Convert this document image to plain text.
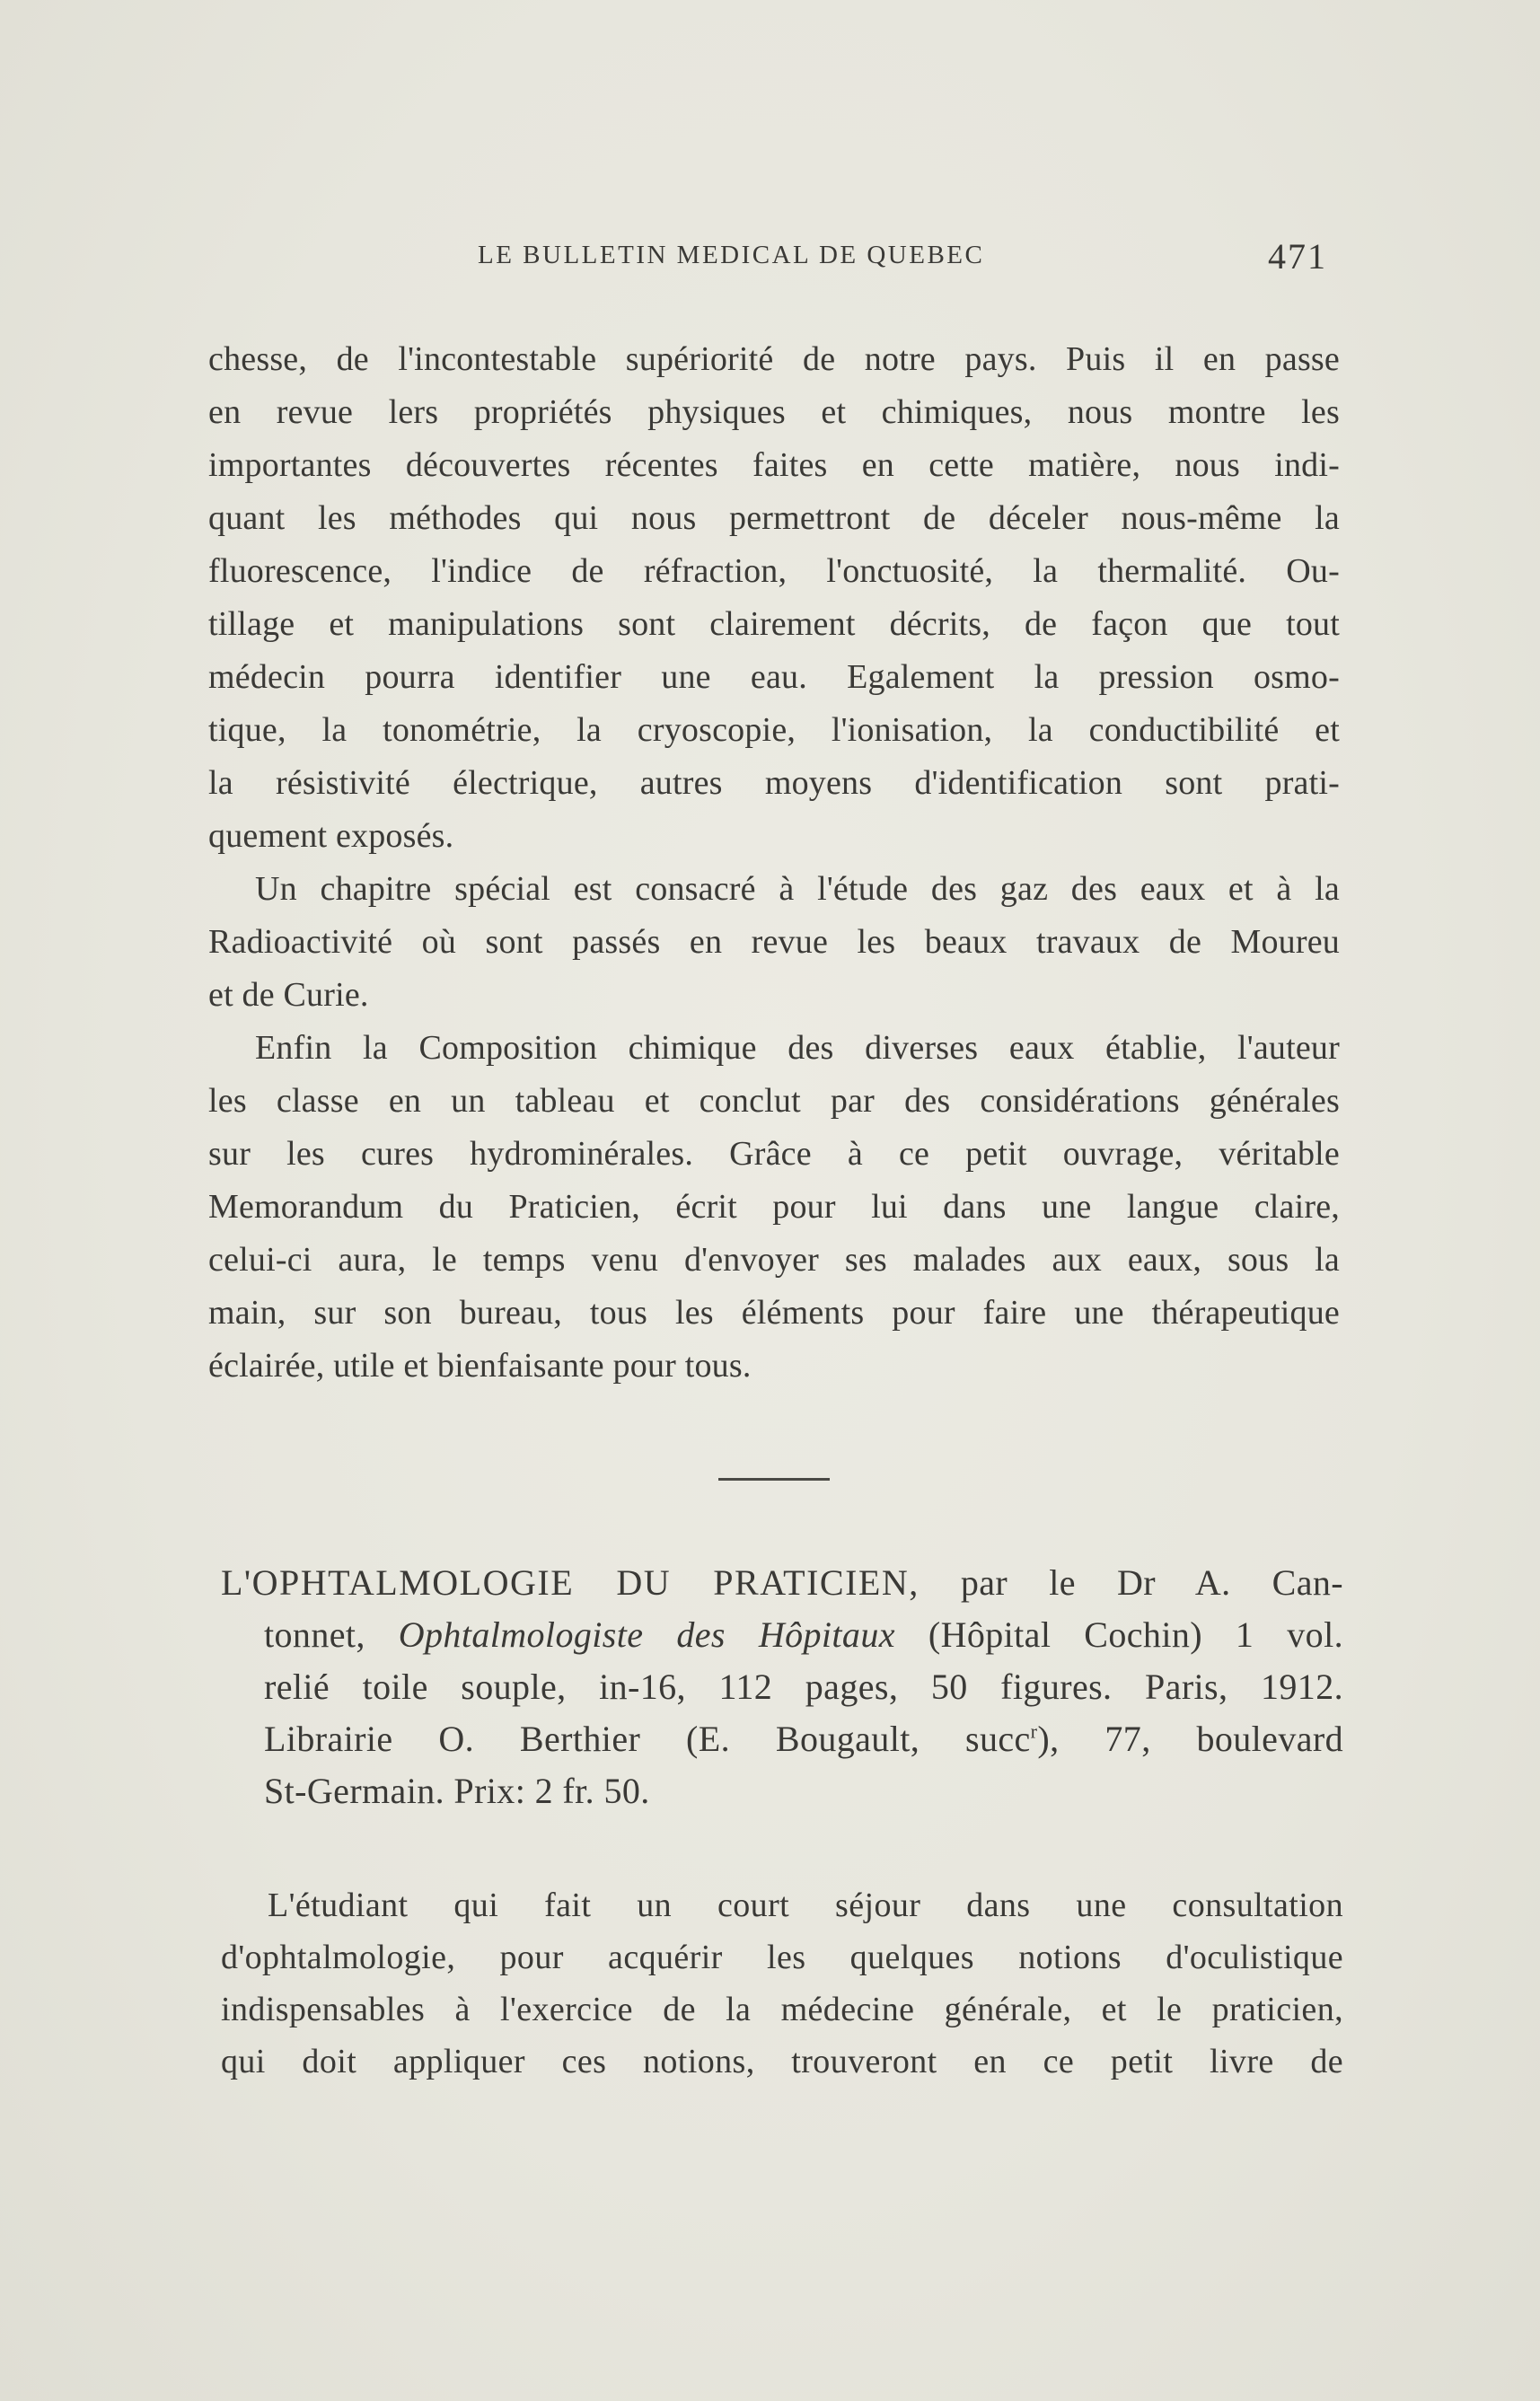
LE BULLETIN MEDICAL DE QUEBEC	471
chesse, de l'incontestable supériorité de notre pays. Puis il en passe
en revue lers propriétés physiques et chimiques, nous montre les
importantes découvertes récentes faites en cette matière, nous indi-
quant les méthodes qui nous permettront de déceler nous-même la
fluorescence, l'indice de réfraction, l'onctuosité, la thermalité. Ou-
tillage et manipulations sont clairement décrits, de façon que tout
médecin pourra identifier une eau. Egalement la pression osmo-
tique, la tonométrie, la cryoscopie, l'ionisation, la conductibilité et
la résistivité électrique, autres moyens d'identification sont prati-
quement exposés.
Un chapitre spécial est consacré à l'étude des gaz des eaux et à la
Radioactivité où sont passés en revue les beaux travaux de Moureu
et de Curie.
Enfin la Composition chimique des diverses eaux établie, l'auteur
les classe en un tableau et conclut par des considérations générales
sur les cures hydrominérales. Grâce à ce petit ouvrage, véritable
Memorandum du Praticien, écrit pour lui dans une langue claire,
celui-ci aura, le temps venu d'envoyer ses malades aux eaux, sous la
main, sur son bureau, tous les éléments pour faire une thérapeutique
éclairée, utile et bienfaisante pour tous.
L'OPHTALMOLOGIE DU PRATICIEN, par le Dr A. Can-
tonnet, Ophtalmologiste des Hôpitaux (Hôpital Cochin) 1 vol.
relié toile souple, in-16, 112 pages, 50 figures. Paris, 1912.
Librairie O. Berthier (E. Bougault, succ$^r$), 77, boulevard
St-Germain. Prix: 2 fr. 50.
L'étudiant qui fait un court séjour dans une consultation
d'ophtalmologie, pour acquérir les quelques notions d'oculistique
indispensables à l'exercice de la médecine générale, et le praticien,
qui doit appliquer ces notions, trouveront en ce petit livre de
